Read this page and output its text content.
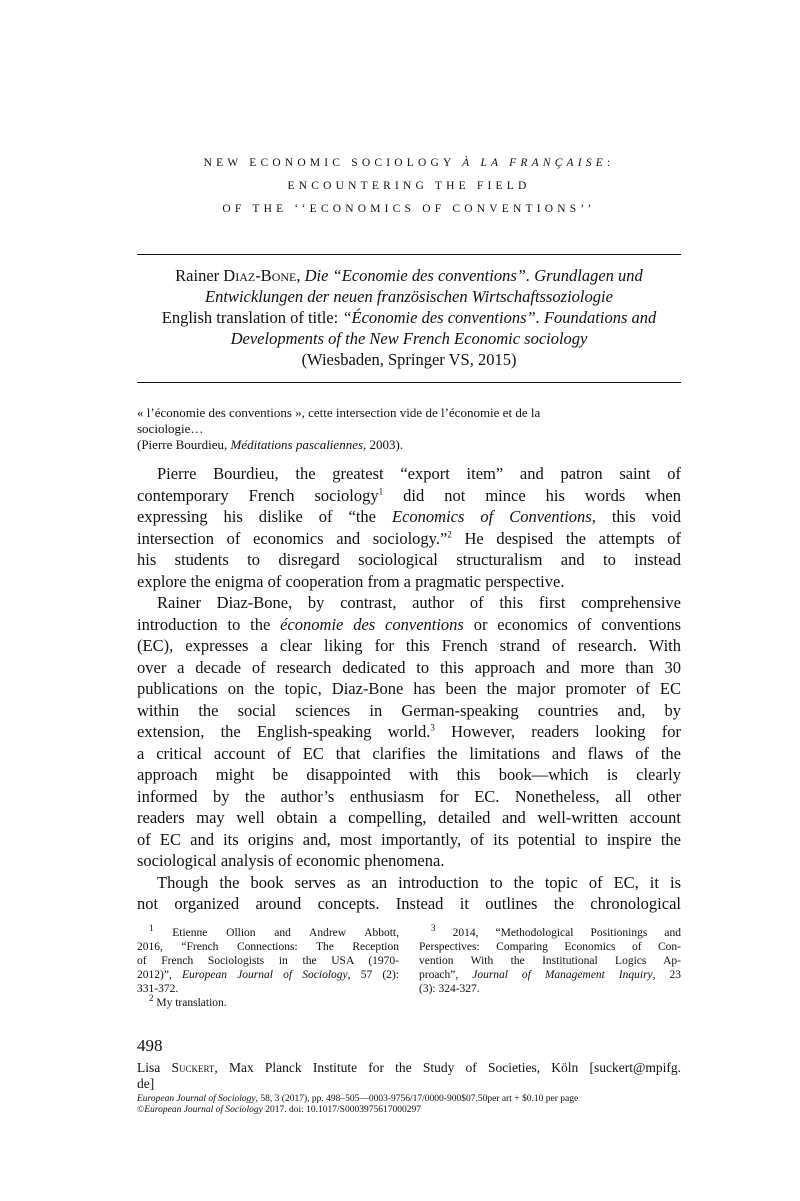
NEW ECONOMIC SOCIOLOGY À LA FRANÇAISE:
ENCOUNTERING THE FIELD
OF THE ‘‘ECONOMICS OF CONVENTIONS’’
Rainer Diaz-Bone, Die “Economie des conventions”. Grundlagen und
Entwicklungen der neuen französischen Wirtschaftssoziologie
English translation of title: “Économie des conventions”. Foundations and
Developments of the New French Economic sociology
(Wiesbaden, Springer VS, 2015)
« l’économie des conventions », cette intersection vide de l’économie et de la
sociologie…
(Pierre Bourdieu, Méditations pascaliennes, 2003).
Pierre Bourdieu, the greatest “export item” and patron saint of
contemporary French sociology$^1$ did not mince his words when
expressing his dislike of “the Economics of Conventions, this void
intersection of economics and sociology.”$^2$ He despised the attempts of
his students to disregard sociological structuralism and to instead
explore the enigma of cooperation from a pragmatic perspective.
Rainer Diaz-Bone, by contrast, author of this first comprehensive
introduction to the économie des conventions or economics of conventions
(EC), expresses a clear liking for this French strand of research. With
over a decade of research dedicated to this approach and more than 30
publications on the topic, Diaz-Bone has been the major promoter of EC
within the social sciences in German-speaking countries and, by
extension, the English-speaking world.$^3$ However, readers looking for
a critical account of EC that clarifies the limitations and flaws of the
approach might be disappointed with this book—which is clearly
informed by the author’s enthusiasm for EC. Nonetheless, all other
readers may well obtain a compelling, detailed and well-written account
of EC and its origins and, most importantly, of its potential to inspire the
sociological analysis of economic phenomena.
Though the book serves as an introduction to the topic of EC, it is
not organized around concepts. Instead it outlines the chronological
$^1$ Etienne Ollion and Andrew Abbott,
2016, “French Connections: The Reception
of French Sociologists in the USA (1970-
2012)”, European Journal of Sociology, 57 (2):
331-372.
$^2$ My translation.
$^3$ 2014, “Methodological Positionings and
Perspectives: Comparing Economics of Con-
vention With the Institutional Logics Ap-
proach”, Journal of Management Inquiry, 23
(3): 324-327.
498
Lisa Suckert, Max Planck Institute for the Study of Societies, Köln [suckert@mpifg.
de]
European Journal of Sociology, 58, 3 (2017), pp. 498–505—0003-9756/17/0000-900$07.50per art + $0.10 per page
©European Journal of Sociology 2017. doi: 10.1017/S0003975617000297
